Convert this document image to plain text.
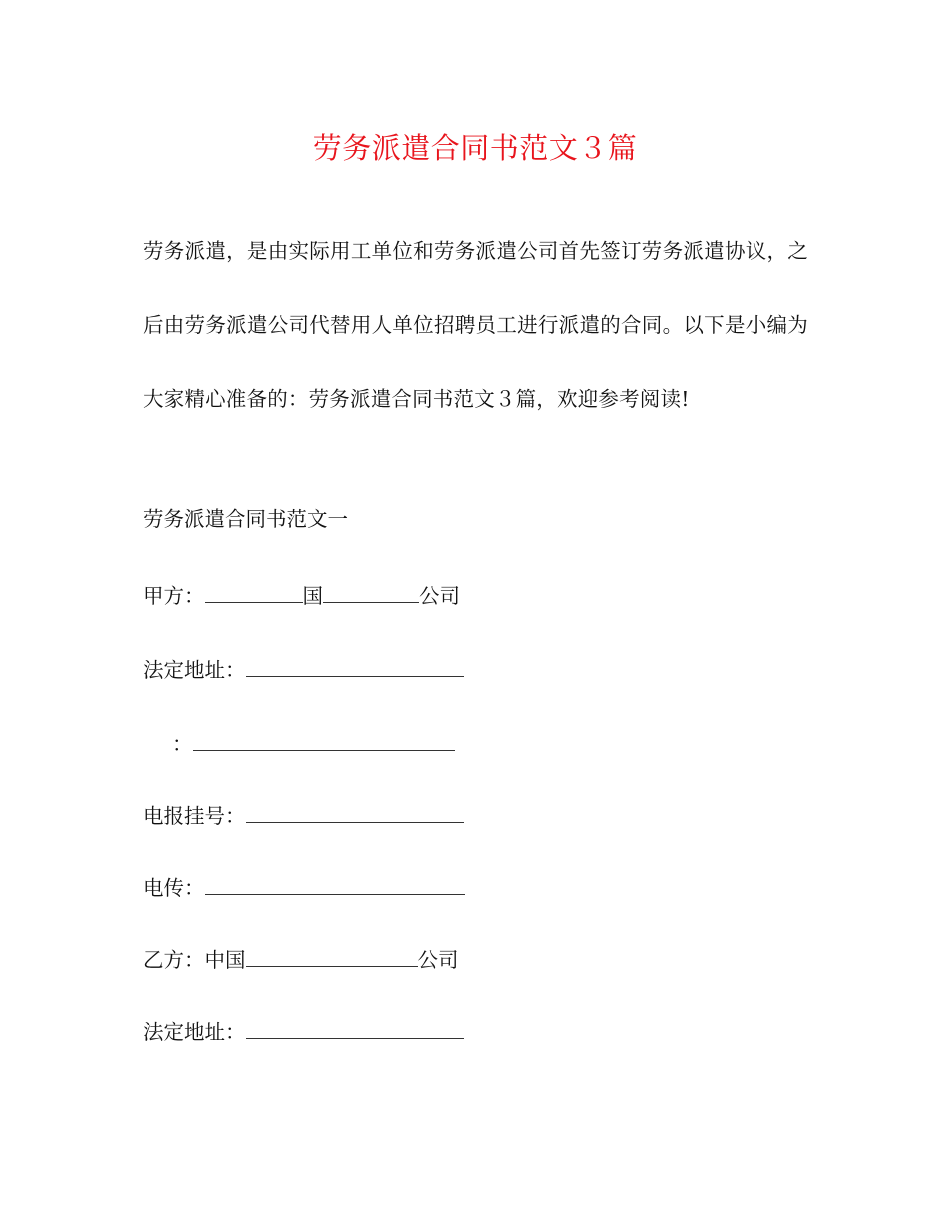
劳务派遣合同书范文３篇
劳务派遣，是由实际用工单位和劳务派遣公司首先签订劳务派遣协议，之后由劳务派遣公司代替用人单位招聘员工进行派遣的合同。以下是小编为大家精心准备的：劳务派遣合同书范文３篇，欢迎参考阅读!
劳务派遣合同书范文一
甲方：	国	公司
法定地址：
：
电报挂号：
电传：
乙方：中国	公司
法定地址：
